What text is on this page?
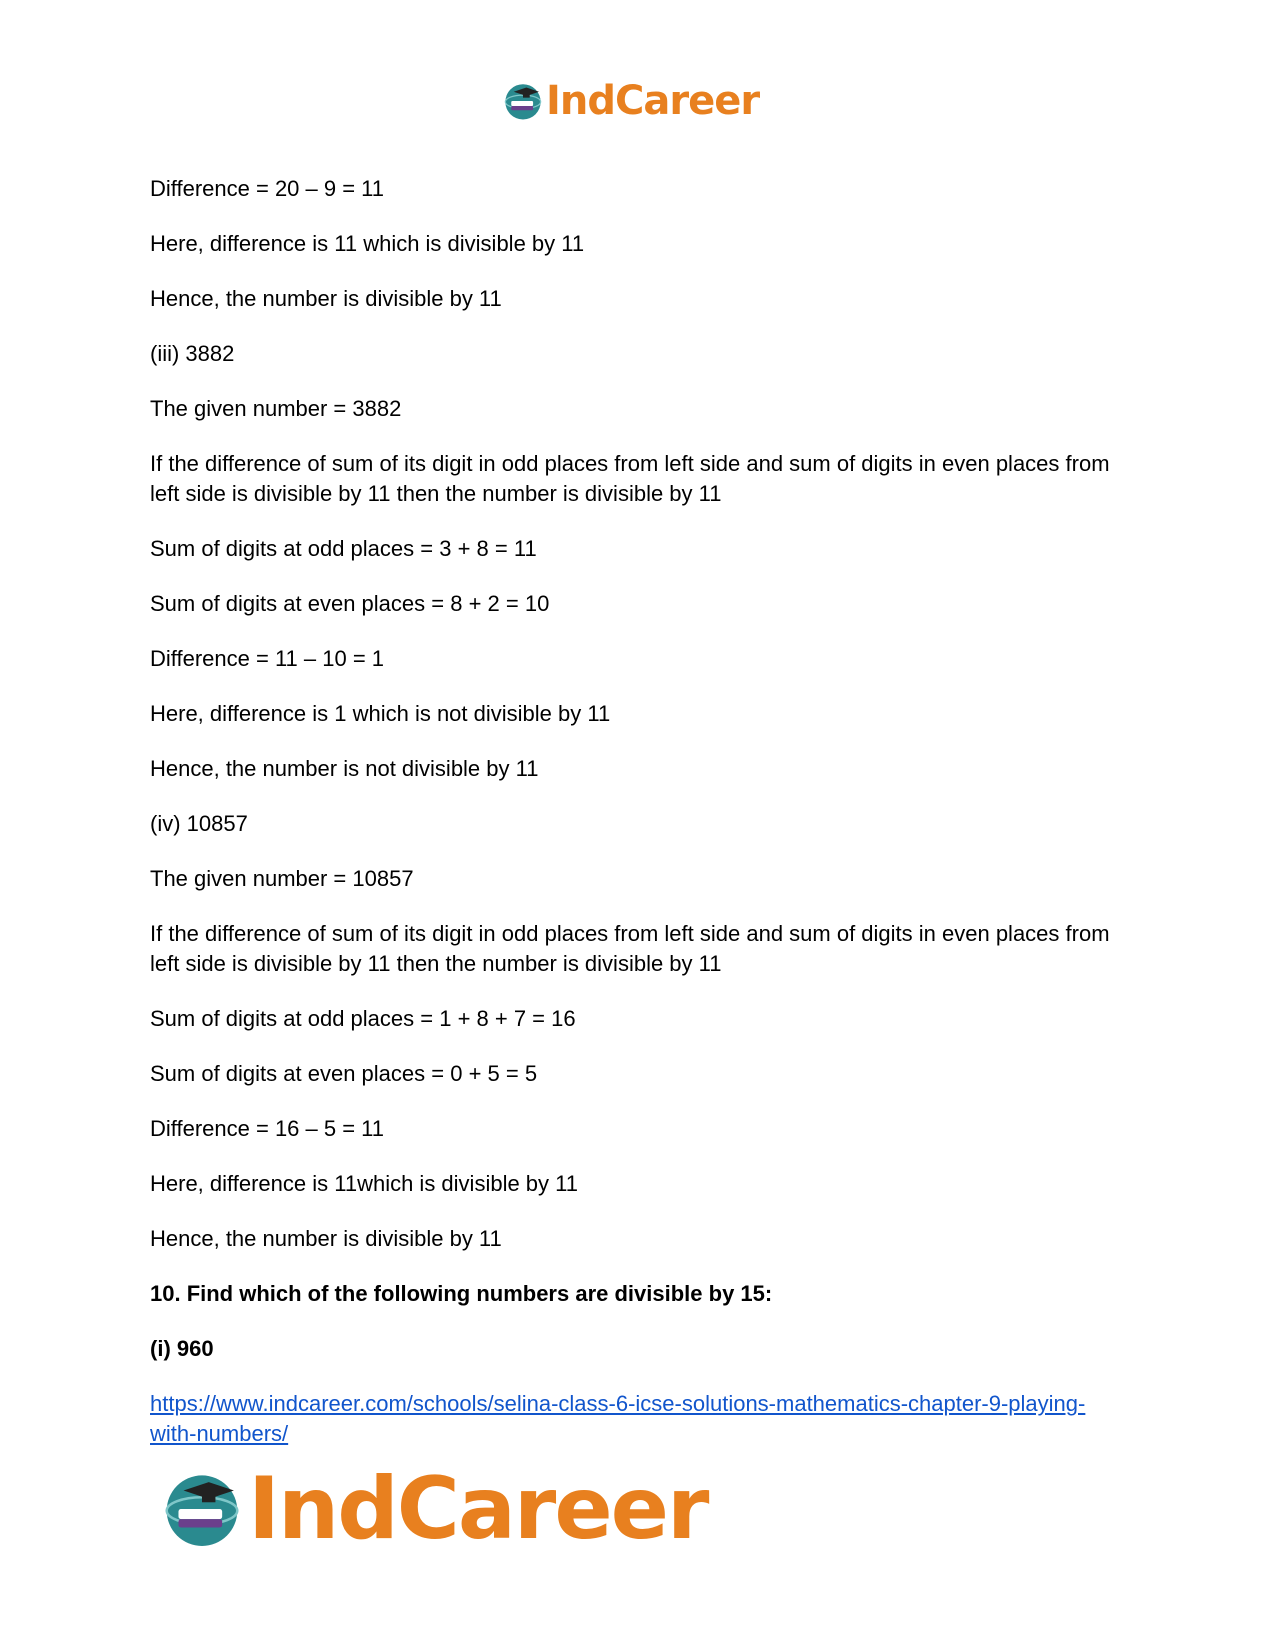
IndCareer

Difference = 20 – 9 = 11

Here, difference is 11 which is divisible by 11

Hence, the number is divisible by 11

(iii) 3882

The given number = 3882

If the difference of sum of its digit in odd places from left side and sum of digits in even places from left side is divisible by 11 then the number is divisible by 11

Sum of digits at odd places = 3 + 8 = 11

Sum of digits at even places = 8 + 2 = 10

Difference = 11 – 10 = 1

Here, difference is 1 which is not divisible by 11

Hence, the number is not divisible by 11

(iv) 10857

The given number = 10857

If the difference of sum of its digit in odd places from left side and sum of digits in even places from left side is divisible by 11 then the number is divisible by 11

Sum of digits at odd places = 1 + 8 + 7 = 16

Sum of digits at even places = 0 + 5 = 5

Difference = 16 – 5 = 11

Here, difference is 11which is divisible by 11

Hence, the number is divisible by 11

10. Find which of the following numbers are divisible by 15:

(i) 960

https://www.indcareer.com/schools/selina-class-6-icse-solutions-mathematics-chapter-9-playing-with-numbers/
IndCareer
